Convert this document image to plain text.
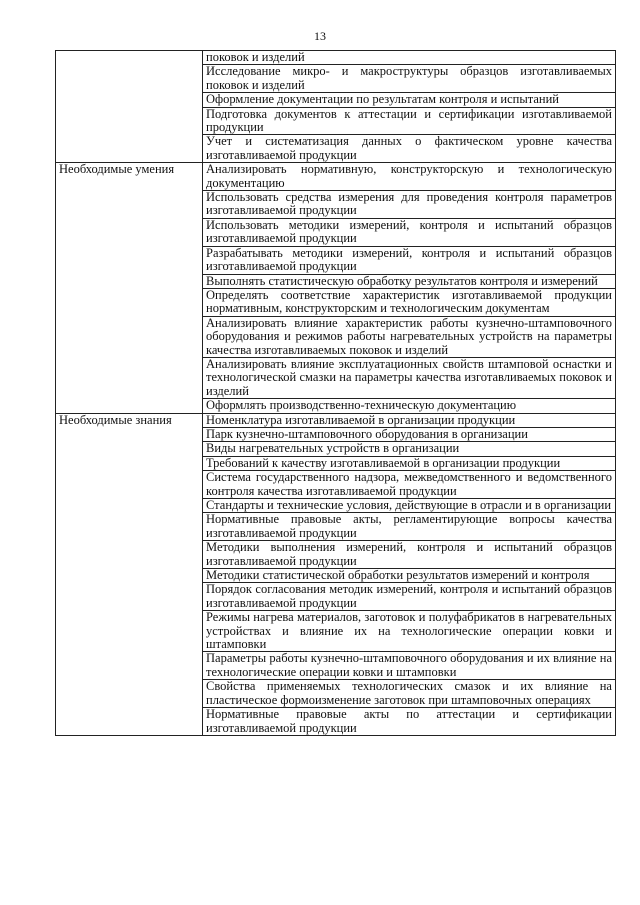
13
	поковок и изделий
	Исследование микро- и макроструктуры образцов изготавливаемых поковок и изделий
	Оформление документации по результатам контроля и испытаний
	Подготовка документов к аттестации и сертификации изготавливаемой продукции
	Учет и систематизация данных о фактическом уровне качества изготавливаемой продукции
Необходимые умения	Анализировать нормативную, конструкторскую и технологическую документацию
	Использовать средства измерения для проведения контроля параметров изготавливаемой продукции
	Использовать методики измерений, контроля и испытаний образцов изготавливаемой продукции
	Разрабатывать методики измерений, контроля и испытаний образцов изготавливаемой продукции
	Выполнять статистическую обработку результатов контроля и измерений
	Определять соответствие характеристик изготавливаемой продукции нормативным, конструкторским и технологическим документам
	Анализировать влияние характеристик работы кузнечно-штамповочного оборудования и режимов работы нагревательных устройств на параметры качества изготавливаемых поковок и изделий
	Анализировать влияние эксплуатационных свойств штамповой оснастки и технологической смазки на параметры качества изготавливаемых поковок и изделий
	Оформлять производственно-техническую документацию
Необходимые знания	Номенклатура изготавливаемой в организации продукции
	Парк кузнечно-штамповочного оборудования в организации
	Виды нагревательных устройств в организации
	Требований к качеству изготавливаемой в организации продукции
	Система государственного надзора, межведомственного и ведомственного контроля качества изготавливаемой продукции
	Стандарты и технические условия, действующие в отрасли и в организации
	Нормативные правовые акты, регламентирующие вопросы качества изготавливаемой продукции
	Методики выполнения измерений, контроля и испытаний образцов изготавливаемой продукции
	Методики статистической обработки результатов измерений и контроля
	Порядок согласования методик измерений, контроля и испытаний образцов изготавливаемой продукции
	Режимы нагрева материалов, заготовок и полуфабрикатов в нагревательных устройствах и влияние их на технологические операции ковки и штамповки
	Параметры работы кузнечно-штамповочного оборудования и их влияние на технологические операции ковки и штамповки
	Свойства применяемых технологических смазок и их влияние на пластическое формоизменение заготовок при штамповочных операциях
	Нормативные правовые акты по аттестации и сертификации изготавливаемой продукции
